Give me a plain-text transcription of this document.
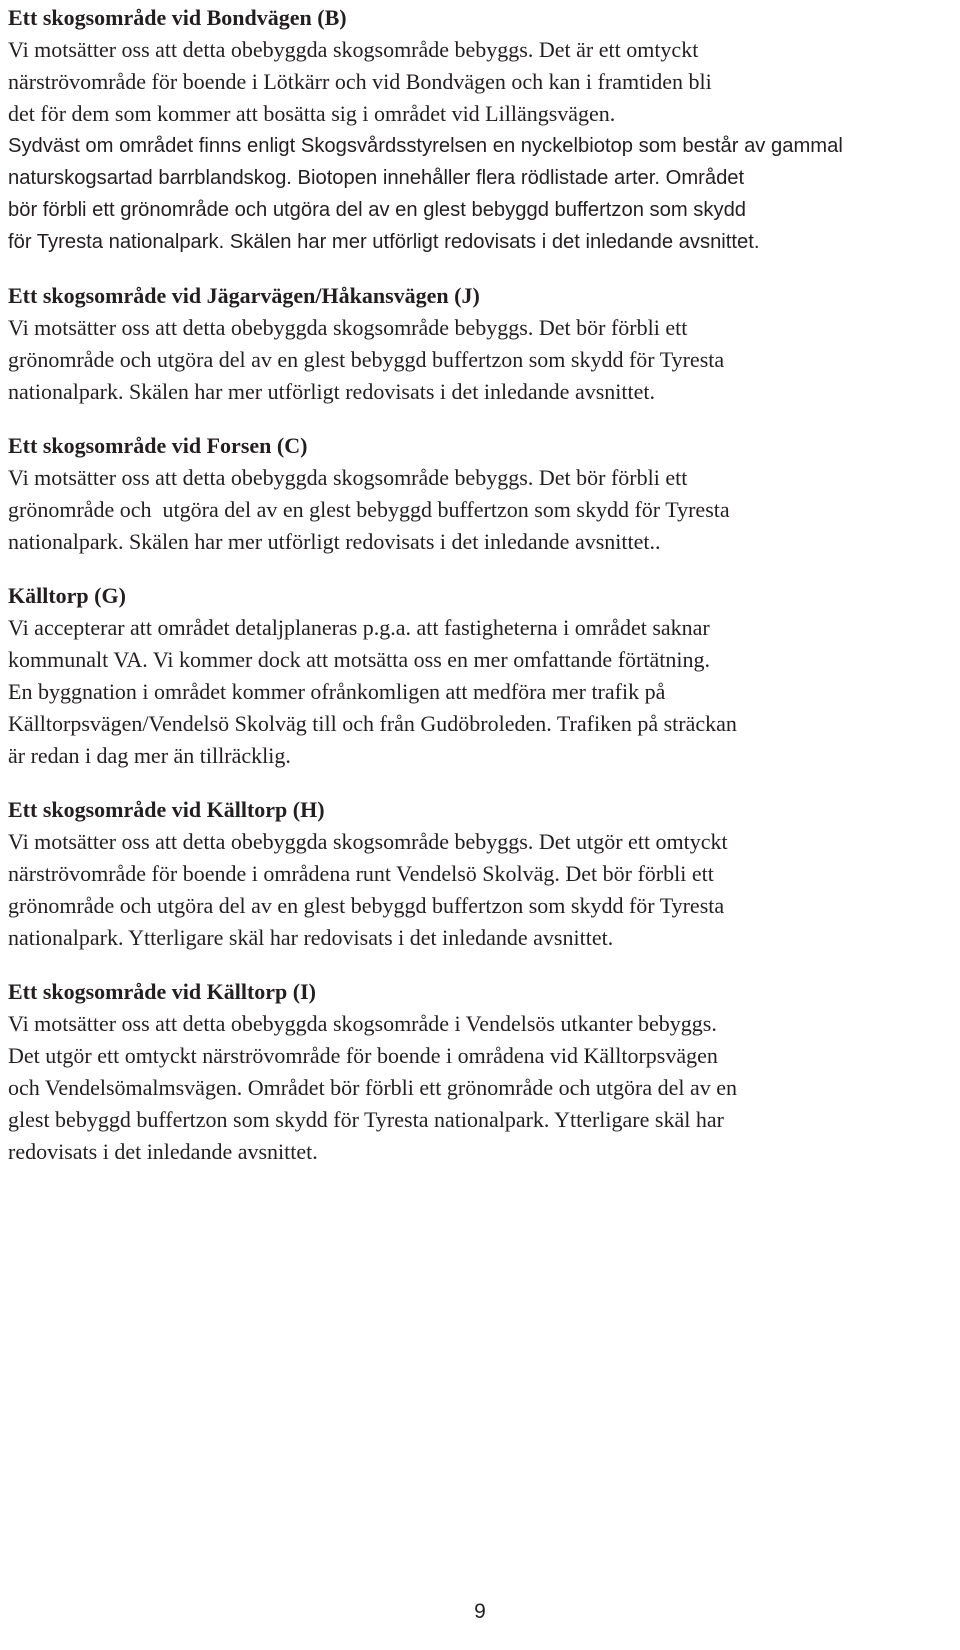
Ett skogsområde vid Bondvägen (B)
Vi motsätter oss att detta obebyggda skogsområde bebyggs. Det är ett omtyckt
närströvområde för boende i Lötkärr och vid Bondvägen och kan i framtiden bli
det för dem som kommer att bosätta sig i området vid Lillängsvägen.
Sydväst om området finns enligt Skogsvårdsstyrelsen en nyckelbiotop som består av gammal
naturskogsartad barrblandskog. Biotopen innehåller flera rödlistade arter. Området
bör förbli ett grönområde och utgöra del av en glest bebyggd buffertzon som skydd
för Tyresta nationalpark. Skälen har mer utförligt redovisats i det inledande avsnittet.
Ett skogsområde vid Jägarvägen/Håkansvägen (J)
Vi motsätter oss att detta obebyggda skogsområde bebyggs. Det bör förbli ett
grönområde och utgöra del av en glest bebyggd buffertzon som skydd för Tyresta
nationalpark. Skälen har mer utförligt redovisats i det inledande avsnittet.
Ett skogsområde vid Forsen (C)
Vi motsätter oss att detta obebyggda skogsområde bebyggs. Det bör förbli ett
grönområde och  utgöra del av en glest bebyggd buffertzon som skydd för Tyresta
nationalpark. Skälen har mer utförligt redovisats i det inledande avsnittet..
Källtorp (G)
Vi accepterar att området detaljplaneras p.g.a. att fastigheterna i området saknar
kommunalt VA. Vi kommer dock att motsätta oss en mer omfattande förtätning.
En byggnation i området kommer ofrånkomligen att medföra mer trafik på
Källtorpsvägen/Vendelsö Skolväg till och från Gudöbroleden. Trafiken på sträckan
är redan i dag mer än tillräcklig.
Ett skogsområde vid Källtorp (H)
Vi motsätter oss att detta obebyggda skogsområde bebyggs. Det utgör ett omtyckt
närströvområde för boende i områdena runt Vendelsö Skolväg. Det bör förbli ett
grönområde och utgöra del av en glest bebyggd buffertzon som skydd för Tyresta
nationalpark. Ytterligare skäl har redovisats i det inledande avsnittet.
Ett skogsområde vid Källtorp (I)
Vi motsätter oss att detta obebyggda skogsområde i Vendelsös utkanter bebyggs.
Det utgör ett omtyckt närströvområde för boende i områdena vid Källtorpsvägen
och Vendelsömalmsvägen. Området bör förbli ett grönområde och utgöra del av en
glest bebyggd buffertzon som skydd för Tyresta nationalpark. Ytterligare skäl har
redovisats i det inledande avsnittet.
9
